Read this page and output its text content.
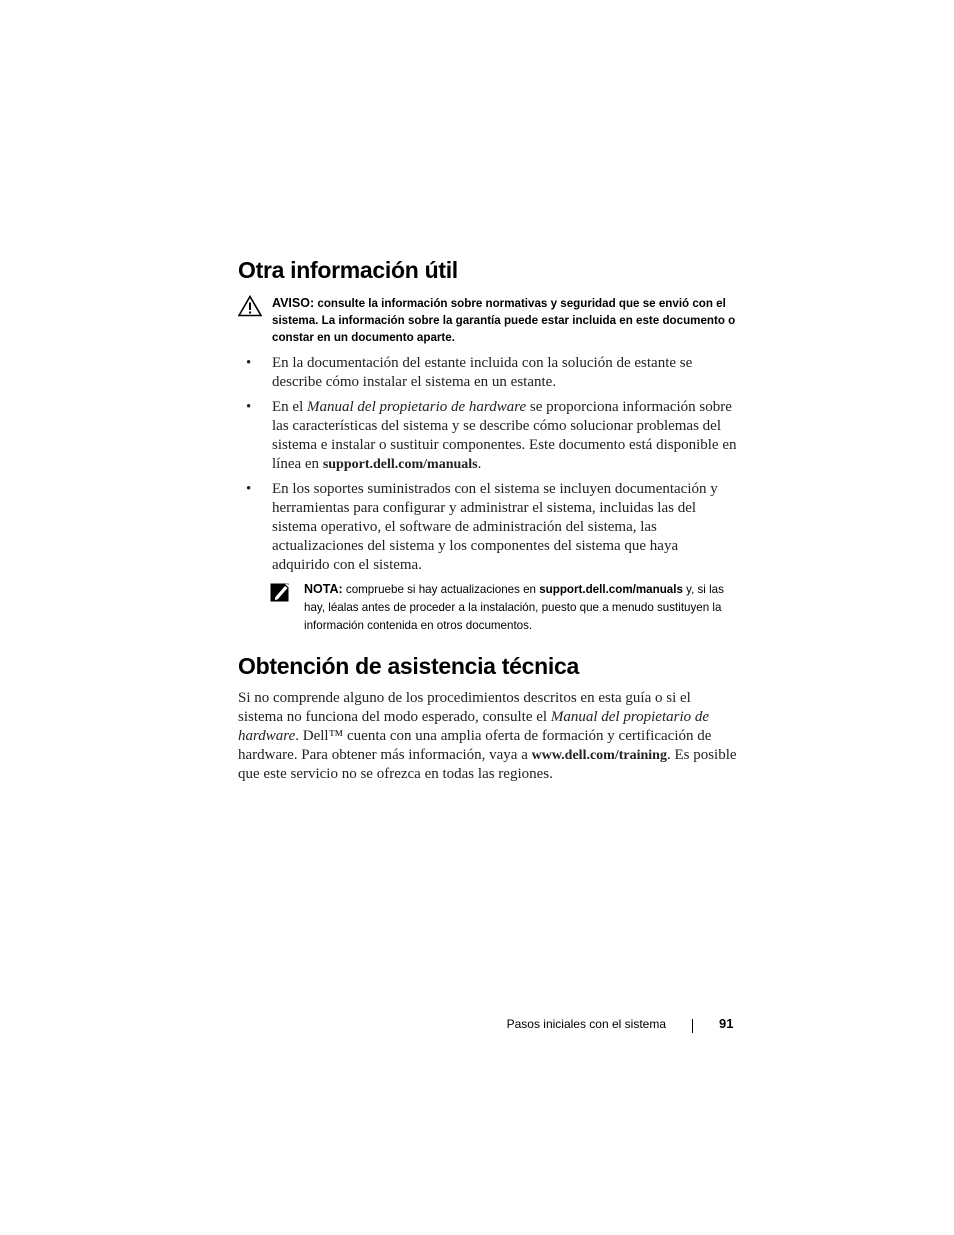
Otra información útil
AVISO: consulte la información sobre normativas y seguridad que se envió con el sistema. La información sobre la garantía puede estar incluida en este documento o constar en un documento aparte.
• En la documentación del estante incluida con la solución de estante se describe cómo instalar el sistema en un estante.
• En el Manual del propietario de hardware se proporciona información sobre las características del sistema y se describe cómo solucionar problemas del sistema e instalar o sustituir componentes. Este documento está disponible en línea en support.dell.com/manuals.
• En los soportes suministrados con el sistema se incluyen documentación y herramientas para configurar y administrar el sistema, incluidas las del sistema operativo, el software de administración del sistema, las actualizaciones del sistema y los componentes del sistema que haya adquirido con el sistema.
NOTA: compruebe si hay actualizaciones en support.dell.com/manuals y, si las hay, léalas antes de proceder a la instalación, puesto que a menudo sustituyen la información contenida en otros documentos.
Obtención de asistencia técnica

Si no comprende alguno de los procedimientos descritos en esta guía o si el sistema no funciona del modo esperado, consulte el Manual del propietario de hardware. Dell™ cuenta con una amplia oferta de formación y certificación de hardware. Para obtener más información, vaya a www.dell.com/training. Es posible que este servicio no se ofrezca en todas las regiones.

Pasos iniciales con el sistema	91
